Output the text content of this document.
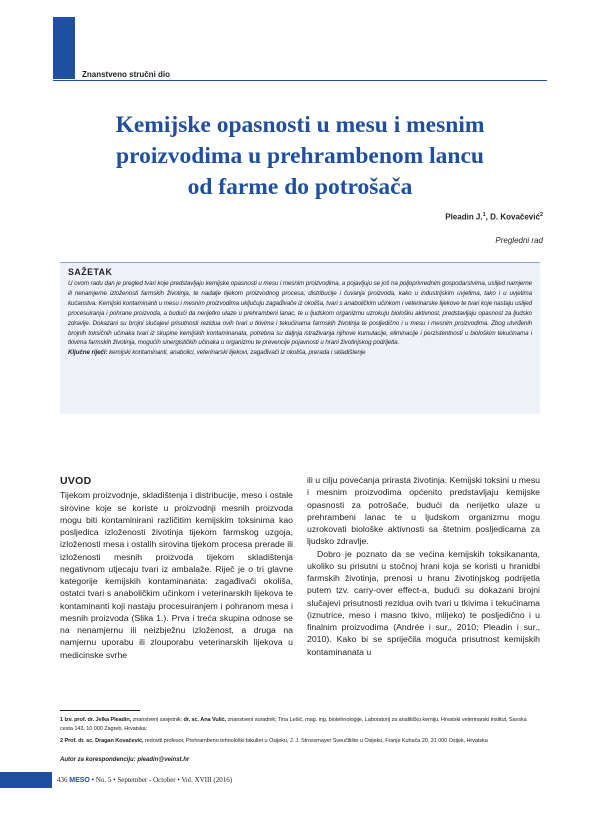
Znanstveno stručni dio
Kemijske opasnosti u mesu i mesnim
proizvodima u prehrambenom lancu
od farme do potrošača
Pleadin J.$^1$, D. Kovačević$^2$
Pregledni rad
SAŽETAK

U ovom radu dan je pregled tvari koje predstavljaju kemijske opasnosti u mesu i mesnim proizvodima, a pojavljuju se još na poljoprivrednim gospodarstvima, uslijed namjerne ili nenamjerne izloženosti farmskih životinja, te nadalje tijekom proizvodnog procesa, distribucije i čuvanja proizvoda, kako u industrijskim uvjetima, tako i u uvjetima kućanstva. Kemijski kontaminanti u mesu i mesnim proizvodima uključuju zagađivače iz okoliša, tvari s anaboličkim učinkom i veterinarske lijekove te tvari koje nastaju uslijed procesuiranja i pohrane proizvoda, a budući da nerijetko ulaze u prehrambeni lanac, te u ljudskom organizmu uzrokuju biološku aktivnost, predstavljaju opasnost za ljudsko zdravlje. Dokazani su brojni slučajevi prisutnosti rezidua ovih tvari u tkivima i tekućinama farmskih životinja te posljedično i u mesu i mesnim proizvodima. Zbog utvrđenih brojnih toksičnih učinaka tvari iz skupine kemijskih kontaminanata, potrebna su daljnja istraživanja njihove kumulacije, eliminacije i perzistentnosti u biološkim tekućinama i tkivima farmskih životinja, mogućih sinergističkih učinaka u organizmu te prevencije pojavnosti u hrani životinjskog podrijetla.

Ključne riječi: kemijski kontaminanti, anabolici, veterinarski lijekovi, zagađivači iz okoliša, prerada i skladištenje

UVOD

Tijekom proizvodnje, skladištenja i distribucije, meso i ostale sirovine koje se koriste u proizvodnji mesnih proizvoda mogu biti kontaminirani različitim kemijskim toksinima kao posljedica izloženosti životinja tijekom farmskog uzgoja, izloženosti mesa i ostalih sirovina tijekom procesa prerade ili izloženosti mesnih proizvoda tijekom skladištenja negativnom utjecaju tvari iz ambalaže. Riječ je o tri glavne kategorije kemijskih kontaminanata: zagađivači okoliša, ostatci tvari s anaboličkim učinkom i veterinarskih lijekova te kontaminanti koji nastaju procesuiranjem i pohranom mesa i mesnih proizvoda (Slika 1.). Prva i treća skupina odnose se na nenamjernu ili neizbježnu izloženost, a druga na namjernu uporabu ili zlouporabu veterinarskih lijekova u medicinske svrhe

ili u cilju povećanja prirasta životinja. Kemijski toksini u mesu i mesnim proizvodima općenito predstavljaju kemijske opasnosti za potrošače, budući da nerijetko ulaze u prehrambeni lanac te u ljudskom organizmu mogu uzrokovati biološke aktivnosti sa štetnim posljedicama za ljudsko zdravlje.

Dobro je poznato da se većina kemijskih toksikananta, ukoliko su prisutni u stočnoj hrani koja se koristi u hranidbi farmskih životinja, prenosi u hranu životinjskog podrijetla putem tzv. carry-over effect-a, budući su dokazani brojni slučajevi prisutnosti rezidua ovih tvari u tkivima i tekućinama (iznutrice, meso i masno tkivo, mlijeko) te posljedično i u finalnim proizvodima (Andrée i sur., 2010; Pleadin i sur., 2010). Kako bi se spriječila moguća prisutnost kemijskih kontaminanata u

1 Izv. prof. dr. Jelka Pleadin, znanstveni savjetnik; dr. sc. Ana Vulić, znanstveni suradnik; Tina Lešić, mag. ing. biotehnologije, Laboratorij za analitičku kemiju, Hrvatski veterinarski institut, Savska cesta 143, 10 000 Zagreb, Hrvatska;
2 Prof. dr. sc. Dragan Kovačević, redoviti profesor, Prehrambeno tehnološki fakultet u Osijeku, J. J. Strossmayer Sveučilište u Osijeku, Franje Kuhača 20, 31 000 Osijek, Hrvatska
Autor za korespondenciju: pleadin@veinst.hr
436 MESO • No. 5 • September - October • Vol. XVIII (2016)
